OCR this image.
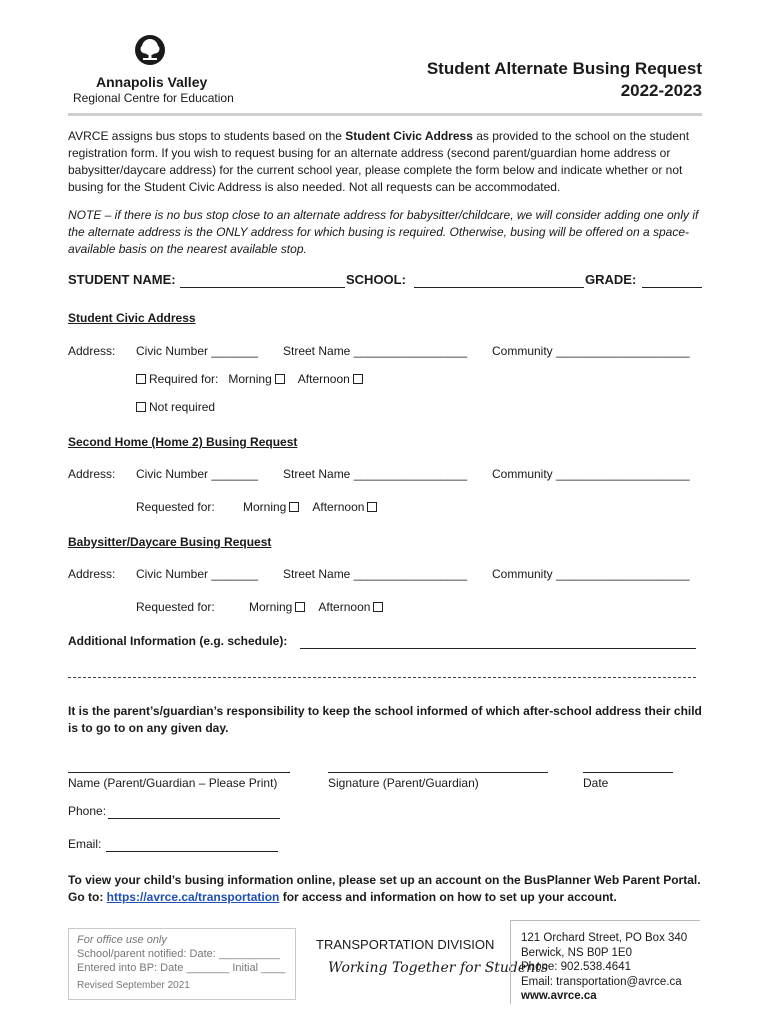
Annapolis Valley
Regional Centre for Education
Student Alternate Busing Request
2022-2023
AVRCE assigns bus stops to students based on the Student Civic Address as provided to the school on the student registration form. If you wish to request busing for an alternate address (second parent/guardian home address or babysitter/daycare address) for the current school year, please complete the form below and indicate whether or not busing for the Student Civic Address is also needed. Not all requests can be accommodated.
NOTE – if there is no bus stop close to an alternate address for babysitter/childcare, we will consider adding one only if the alternate address is the ONLY address for which busing is required. Otherwise, busing will be offered on a space-available basis on the nearest available stop.
STUDENT NAME:	SCHOOL:	GRADE:
Student Civic Address
Address: Civic Number _______ Street Name _________________ Community ____________________
Required for: Morning Afternoon
Not required
Second Home (Home 2) Busing Request
Address: Civic Number _______ Street Name _________________ Community ____________________
Requested for: Morning Afternoon
Babysitter/Daycare Busing Request
Address: Civic Number _______ Street Name _________________ Community ____________________
Requested for:	Morning Afternoon
Additional Information (e.g. schedule):
It is the parent’s/guardian’s responsibility to keep the school informed of which after-school address their child is to go to on any given day.
Name (Parent/Guardian – Please Print)	Signature (Parent/Guardian)	Date
Phone:
Email:
To view your child’s busing information online, please set up an account on the BusPlanner Web Parent Portal. Go to: https://avrce.ca/transportation for access and information on how to set up your account.
For office use only
School/parent notified: Date: __________
Entered into BP: Date _______ Initial ____
Revised September 2021
TRANSPORTATION DIVISION
Working Together for Students
121 Orchard Street, PO Box 340
Berwick, NS B0P 1E0
Phone: 902.538.4641
Email: transportation@avrce.ca
www.avrce.ca
